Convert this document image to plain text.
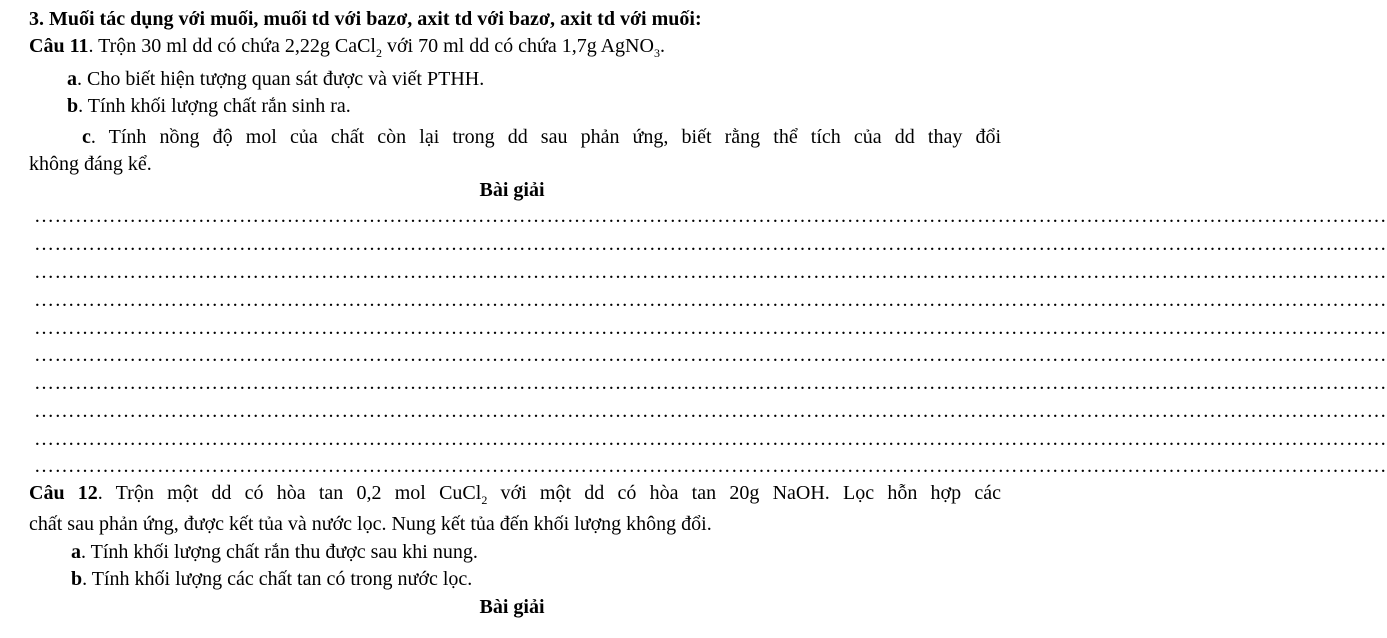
3. Muối tác dụng với muối, muối td với bazơ, axit td với bazơ, axit td với muối:
Câu 11. Trộn 30 ml dd có chứa 2,22g CaCl$_2$ với 70 ml dd có chứa 1,7g AgNO$_3$.
a. Cho biết hiện tượng quan sát được và viết PTHH.
b. Tính khối lượng chất rắn sinh ra.
c. Tính nồng độ mol của chất còn lại trong dd sau phản ứng, biết rằng thể tích của dd thay đổi
không đáng kể.
Bài giải
………………………………………………………………………………………………………………………………………………………………………………
………………………………………………………………………………………………………………………………………………………………………………
………………………………………………………………………………………………………………………………………………………………………………
………………………………………………………………………………………………………………………………………………………………………………
………………………………………………………………………………………………………………………………………………………………………………
………………………………………………………………………………………………………………………………………………………………………………
………………………………………………………………………………………………………………………………………………………………………………
………………………………………………………………………………………………………………………………………………………………………………
………………………………………………………………………………………………………………………………………………………………………………
………………………………………………………………………………………………………………………………………………………………………………
Câu 12. Trộn một dd có hòa tan 0,2 mol CuCl$_2$ với một dd có hòa tan 20g NaOH. Lọc hỗn hợp các
chất sau phản ứng, được kết tủa và nước lọc. Nung kết tủa đến khối lượng không đổi.
a. Tính khối lượng chất rắn thu được sau khi nung.
b. Tính khối lượng các chất tan có trong nước lọc.
Bài giải
